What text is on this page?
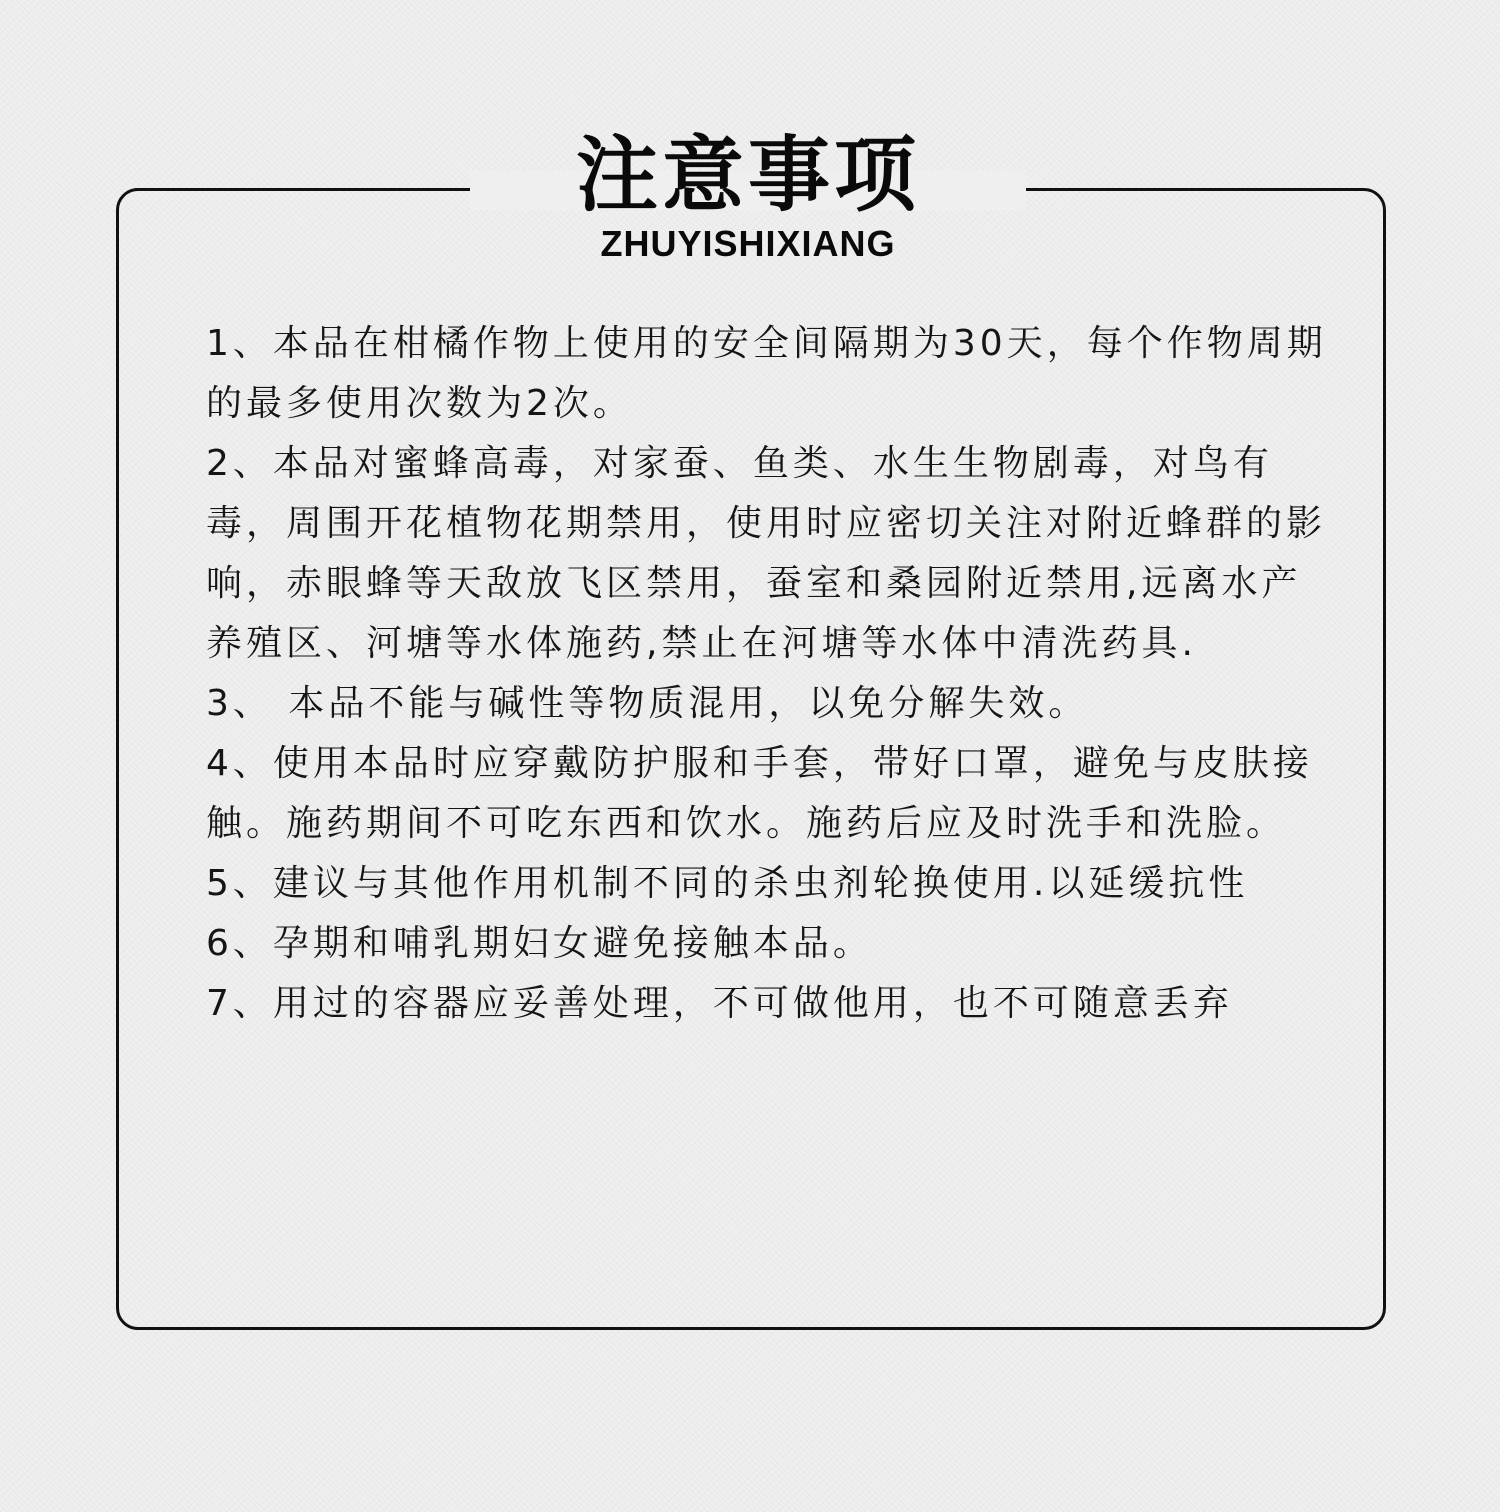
注意事项
ZHUYISHIXIANG

1、本品在柑橘作物上使用的安全间隔期为30天，每个作物周期的最多使用次数为2次。

2、本品对蜜蜂高毒，对家蚕、鱼类、水生生物剧毒，对鸟有毒，周围开花植物花期禁用，使用时应密切关注对附近蜂群的影响，赤眼蜂等天敌放飞区禁用，蚕室和桑园附近禁用,远离水产养殖区、河塘等水体施药,禁止在河塘等水体中清洗药具.

3、 本品不能与碱性等物质混用，以免分解失效。

4、使用本品时应穿戴防护服和手套，带好口罩，避免与皮肤接触。施药期间不可吃东西和饮水。施药后应及时洗手和洗脸。

5、建议与其他作用机制不同的杀虫剂轮换使用.以延缓抗性

6、孕期和哺乳期妇女避免接触本品。

7、用过的容器应妥善处理，不可做他用，也不可随意丢弃
